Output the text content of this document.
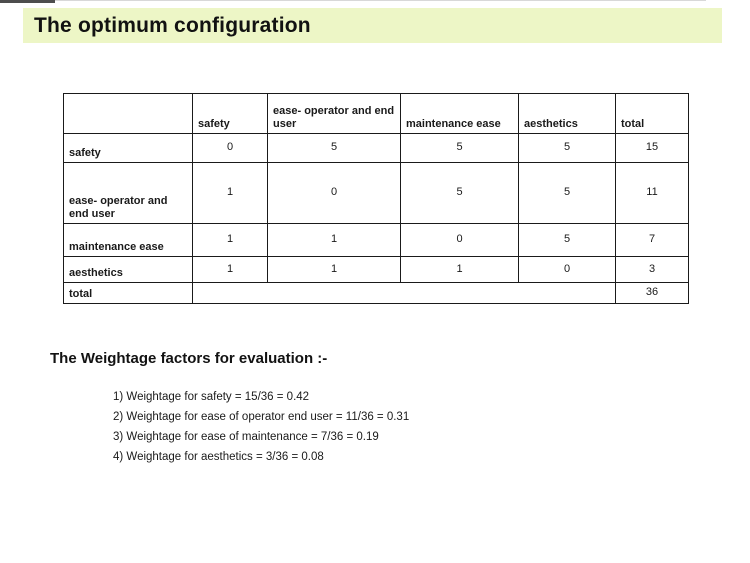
The optimum configuration
	safety	ease- operator and end user	maintenance ease	aesthetics	total
safety	0	5	5	5	15
ease- operator and end user	1	0	5	5	11
maintenance ease	1	1	0	5	7
aesthetics	1	1	1	0	3
total					36
The Weightage factors for evaluation :-
1) Weightage for safety = 15/36 = 0.42
2) Weightage for ease of operator end user = 11/36 = 0.31
3) Weightage for ease of maintenance = 7/36 = 0.19
4) Weightage for aesthetics = 3/36 = 0.08
